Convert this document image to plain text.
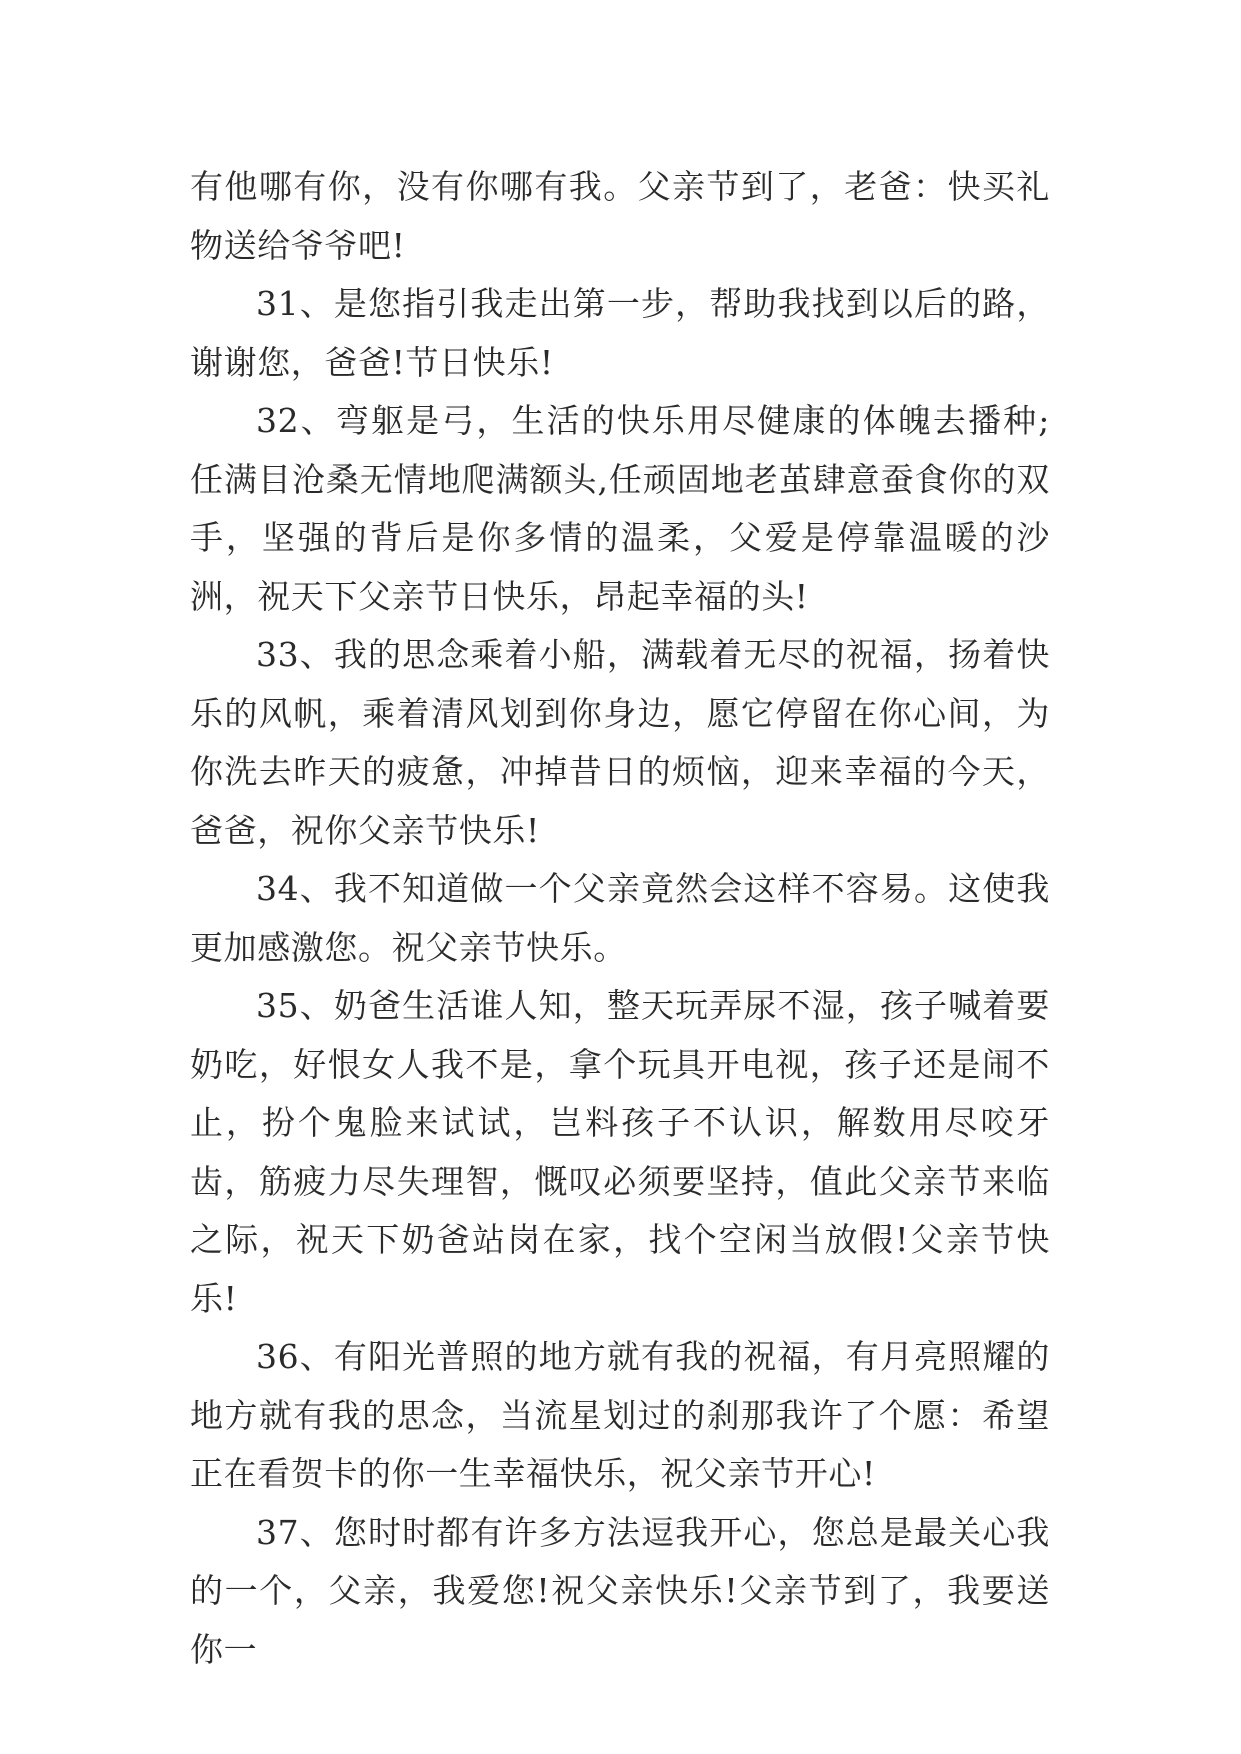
有他哪有你，没有你哪有我。父亲节到了，老爸：快买礼物送给爷爷吧!

31、是您指引我走出第一步，帮助我找到以后的路，谢谢您，爸爸!节日快乐!

32、弯躯是弓，生活的快乐用尽健康的体魄去播种;任满目沧桑无情地爬满额头,任顽固地老茧肆意蚕食你的双手，坚强的背后是你多情的温柔，父爱是停靠温暖的沙洲，祝天下父亲节日快乐，昂起幸福的头!

33、我的思念乘着小船，满载着无尽的祝福，扬着快乐的风帆，乘着清风划到你身边，愿它停留在你心间，为你洗去昨天的疲惫，冲掉昔日的烦恼，迎来幸福的今天，爸爸，祝你父亲节快乐!

34、我不知道做一个父亲竟然会这样不容易。这使我更加感激您。祝父亲节快乐。

35、奶爸生活谁人知，整天玩弄尿不湿，孩子喊着要奶吃，好恨女人我不是，拿个玩具开电视，孩子还是闹不止，扮个鬼脸来试试，岂料孩子不认识，解数用尽咬牙齿，筋疲力尽失理智，慨叹必须要坚持，值此父亲节来临之际，祝天下奶爸站岗在家，找个空闲当放假!父亲节快乐!

36、有阳光普照的地方就有我的祝福，有月亮照耀的地方就有我的思念，当流星划过的刹那我许了个愿：希望正在看贺卡的你一生幸福快乐，祝父亲节开心!

37、您时时都有许多方法逗我开心，您总是最关心我的一个，父亲，我爱您!祝父亲快乐!父亲节到了，我要送你一
